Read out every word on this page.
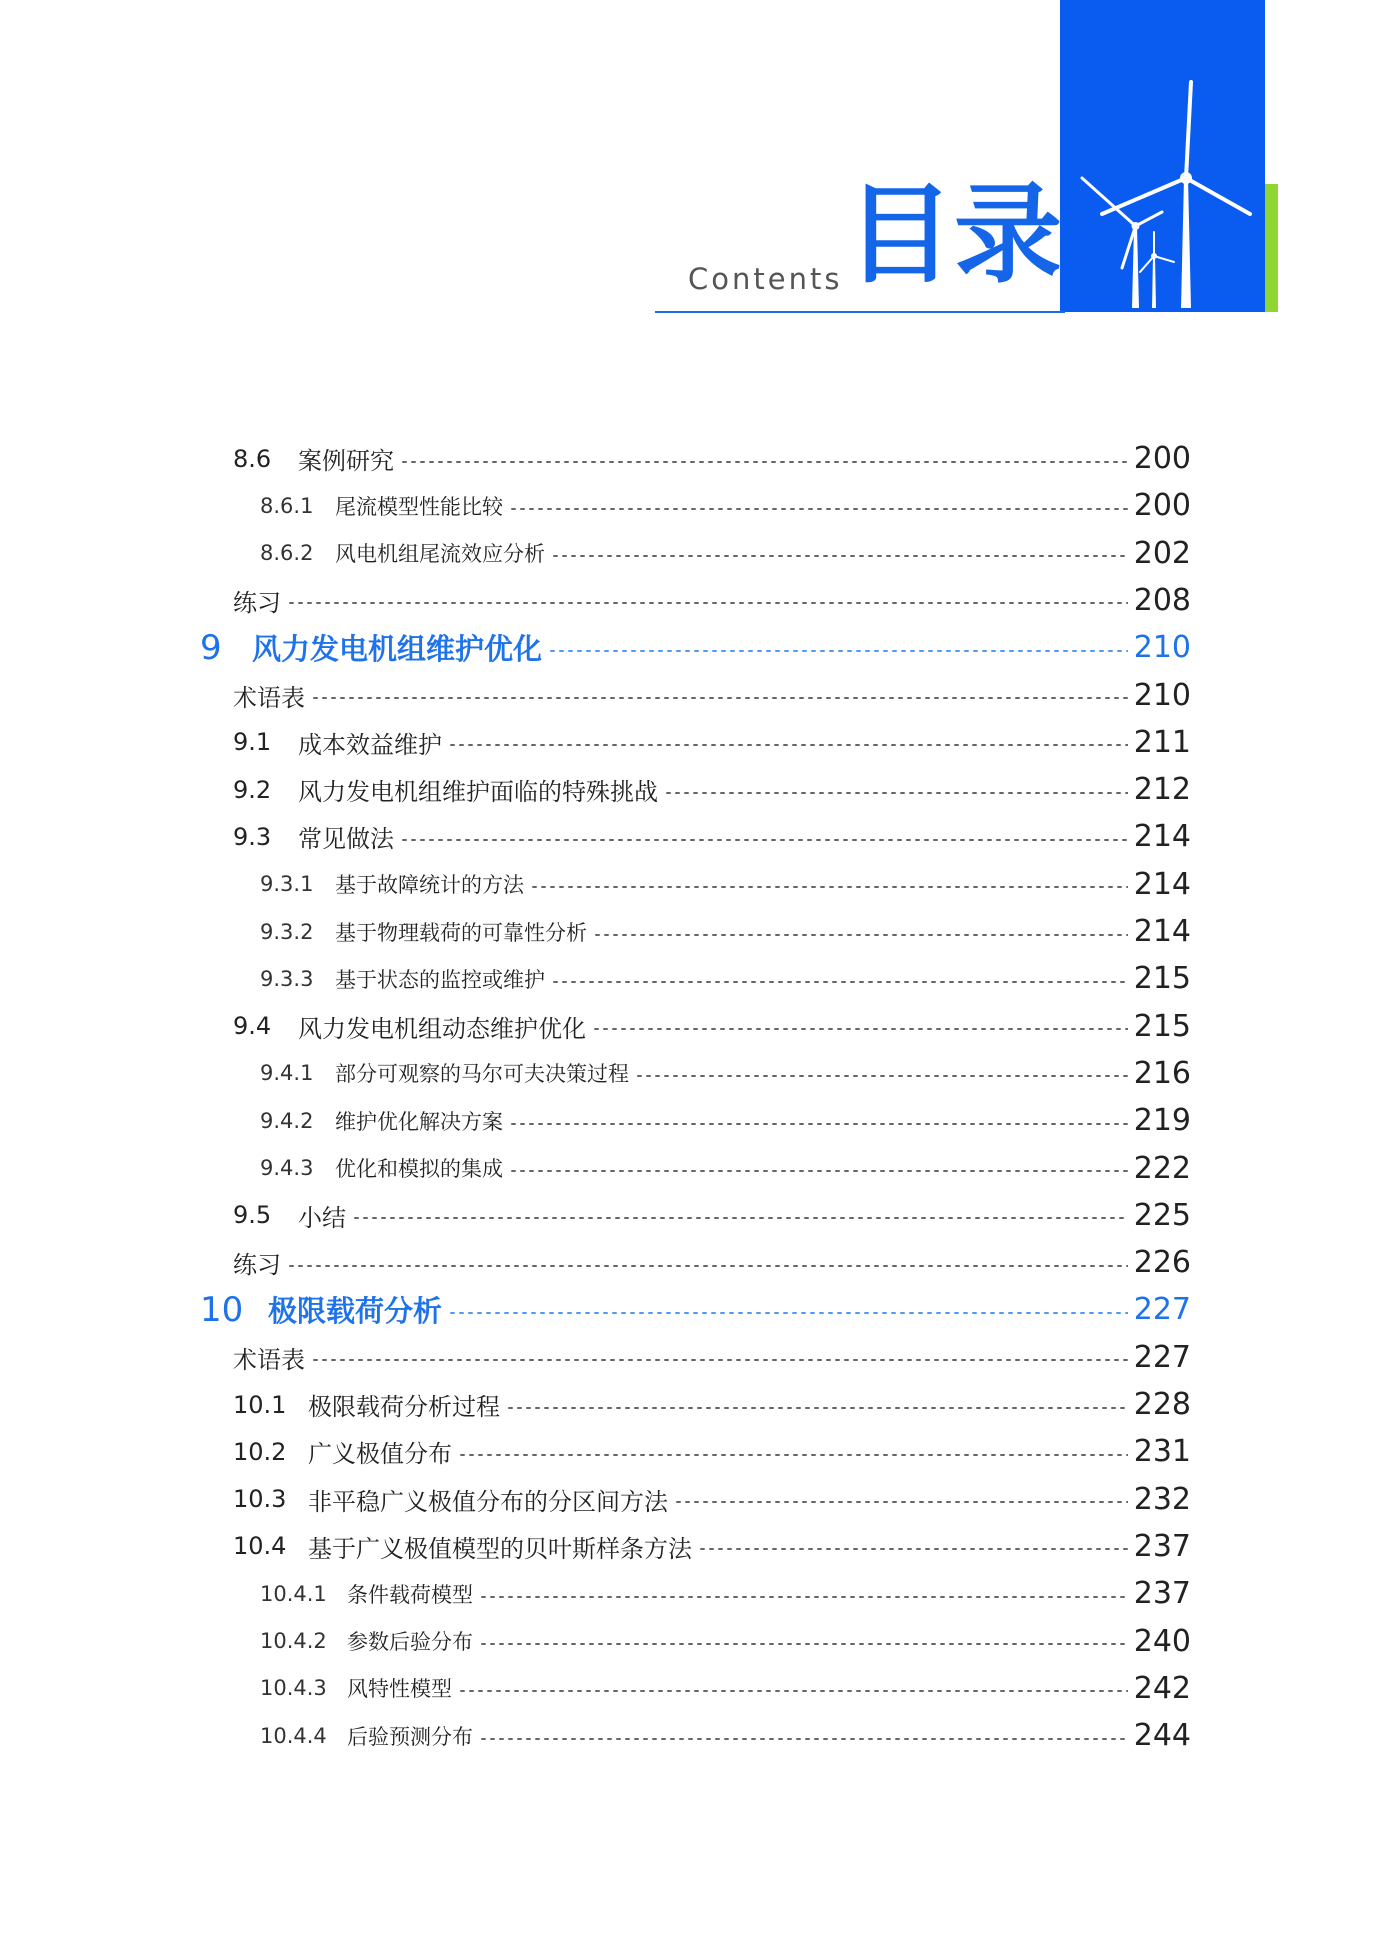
Contents 目录
8.6	案例研究	200
8.6.1	尾流模型性能比较	200
8.6.2	风电机组尾流效应分析	202
练习	208
9	风力发电机组维护优化	210
术语表	210
9.1	成本效益维护	211
9.2	风力发电机组维护面临的特殊挑战	212
9.3	常见做法	214
9.3.1	基于故障统计的方法	214
9.3.2	基于物理载荷的可靠性分析	214
9.3.3	基于状态的监控或维护	215
9.4	风力发电机组动态维护优化	215
9.4.1	部分可观察的马尔可夫决策过程	216
9.4.2	维护优化解决方案	219
9.4.3	优化和模拟的集成	222
9.5	小结	225
练习	226
10 极限载荷分析	227
术语表	227
10.1 极限载荷分析过程	228
10.2 广义极值分布	231
10.3 非平稳广义极值分布的分区间方法	232
10.4 基于广义极值模型的贝叶斯样条方法	237
10.4.1 条件载荷模型	237
10.4.2 参数后验分布	240
10.4.3 风特性模型	242
10.4.4 后验预测分布	244
